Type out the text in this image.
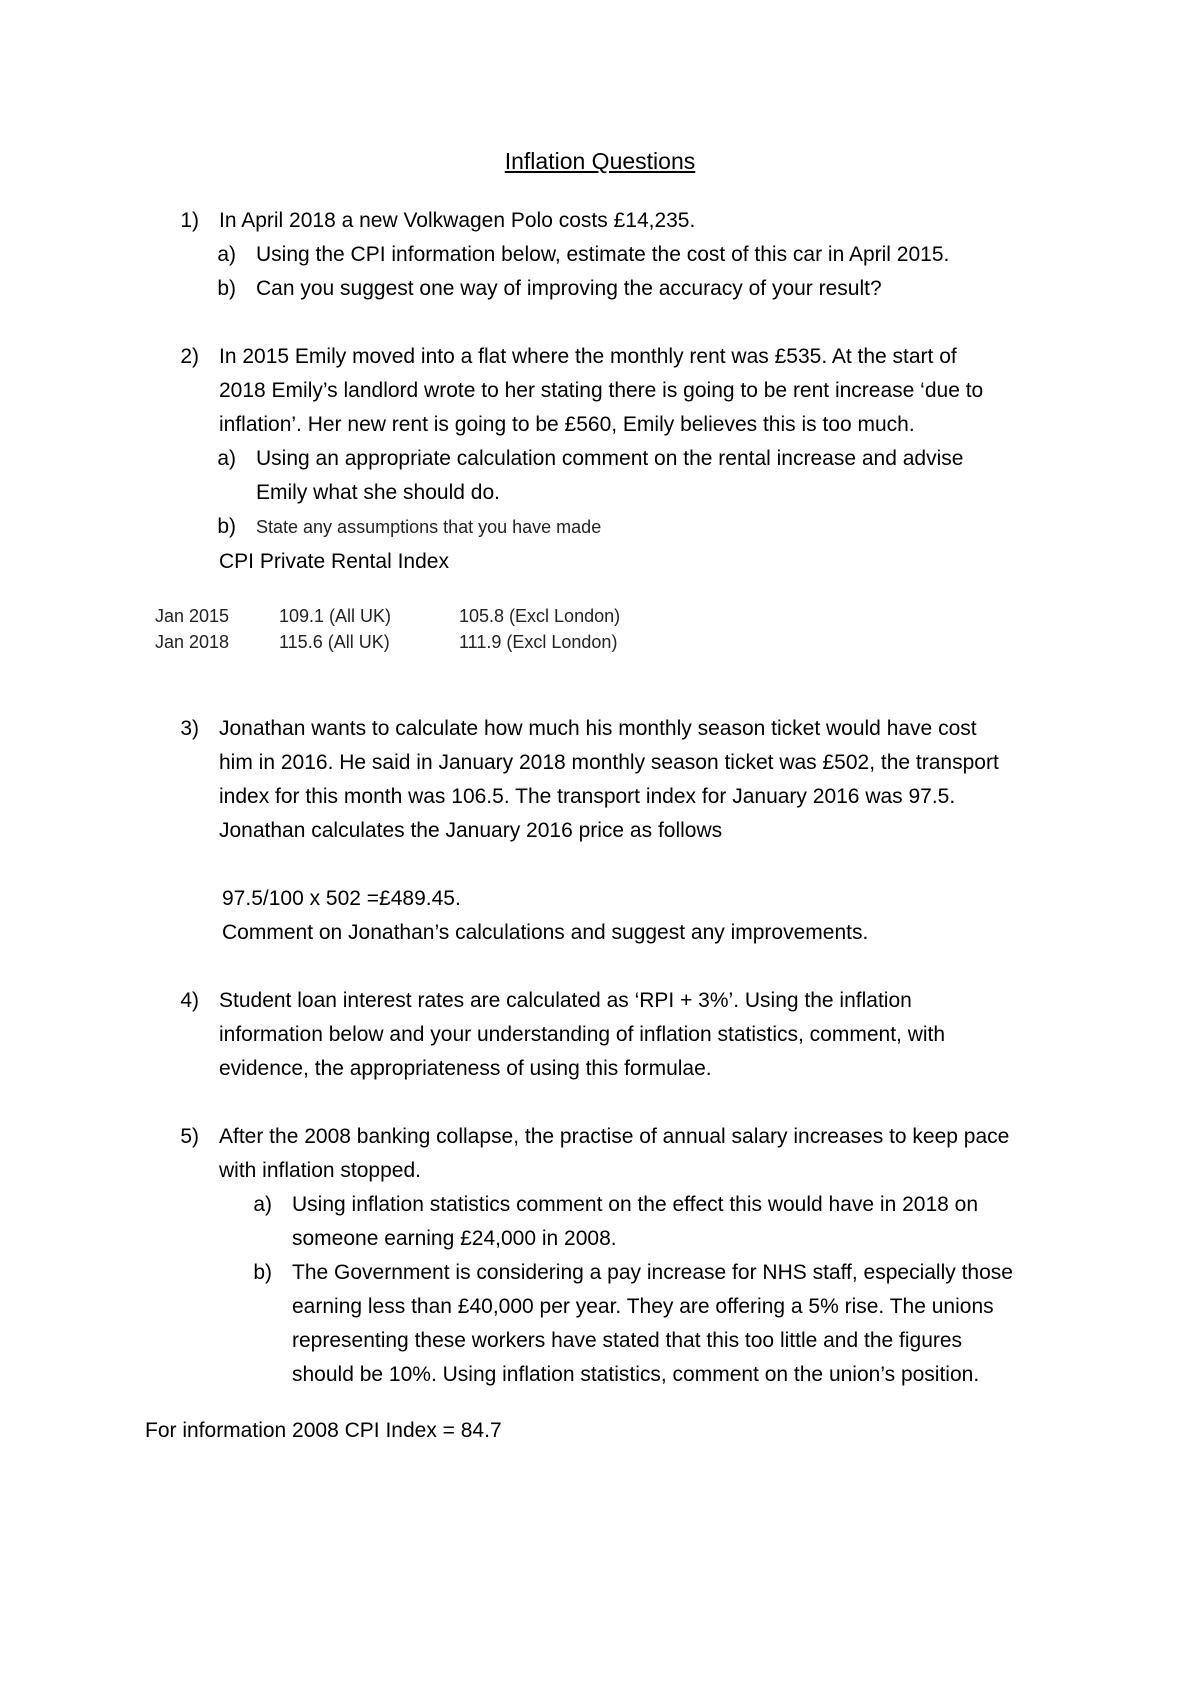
Inflation Questions
1) In April 2018 a new Volkwagen Polo costs £14,235.
a) Using the CPI information below, estimate the cost of this car in April 2015.
b) Can you suggest one way of improving the accuracy of your result?
2) In 2015 Emily moved into a flat where the monthly rent was £535. At the start of
2018 Emily’s landlord wrote to her stating there is going to be rent increase ‘due to
inflation’. Her new rent is going to be £560, Emily believes this is too much.
a) Using an appropriate calculation comment on the rental increase and advise
Emily what she should do.
b) State any assumptions that you have made
CPI Private Rental Index
Jan 2015	109.1 (All UK)	105.8 (Excl London)
Jan 2018	115.6 (All UK)	111.9 (Excl London)
3) Jonathan wants to calculate how much his monthly season ticket would have cost
him in 2016. He said in January 2018 monthly season ticket was £502, the transport
index for this month was 106.5. The transport index for January 2016 was 97.5.
Jonathan calculates the January 2016 price as follows
97.5/100 x 502 =£489.45.
Comment on Jonathan’s calculations and suggest any improvements.
4) Student loan interest rates are calculated as ‘RPI + 3%’. Using the inflation
information below and your understanding of inflation statistics, comment, with
evidence, the appropriateness of using this formulae.
5) After the 2008 banking collapse, the practise of annual salary increases to keep pace
with inflation stopped.
a) Using inflation statistics comment on the effect this would have in 2018 on
someone earning £24,000 in 2008.
b) The Government is considering a pay increase for NHS staff, especially those
earning less than £40,000 per year. They are offering a 5% rise. The unions
representing these workers have stated that this too little and the figures
should be 10%. Using inflation statistics, comment on the union’s position.
For information 2008 CPI Index = 84.7
